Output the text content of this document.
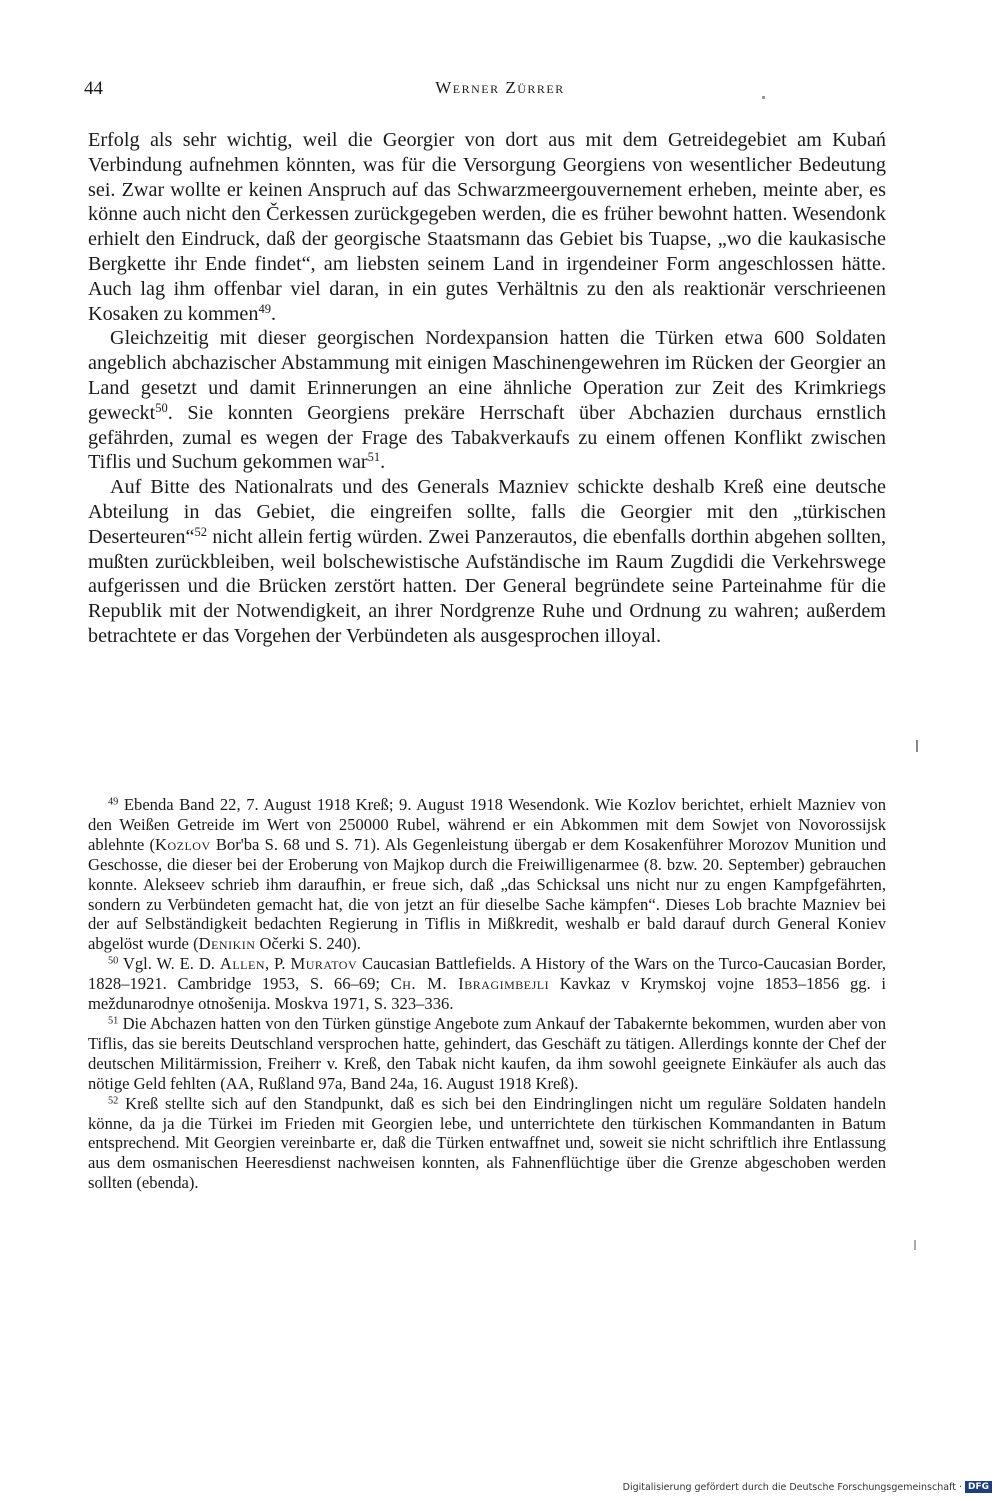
44	Werner Zürrer

Erfolg als sehr wichtig, weil die Georgier von dort aus mit dem Getreidegebiet am Kubań Verbindung aufnehmen könnten, was für die Versorgung Georgiens von wesentlicher Bedeutung sei. Zwar wollte er keinen Anspruch auf das Schwarzmeergouvernement erheben, meinte aber, es könne auch nicht den Čerkessen zurückgegeben werden, die es früher bewohnt hatten. Wesendonk erhielt den Eindruck, daß der georgische Staatsmann das Gebiet bis Tuapse, „wo die kaukasische Bergkette ihr Ende findet“, am liebsten seinem Land in irgendeiner Form angeschlossen hätte. Auch lag ihm offenbar viel daran, in ein gutes Verhältnis zu den als reaktionär verschrieenen Kosaken zu kommen$^{49}$.

Gleichzeitig mit dieser georgischen Nordexpansion hatten die Türken etwa 600 Soldaten angeblich abchazischer Abstammung mit einigen Maschinengewehren im Rücken der Georgier an Land gesetzt und damit Erinnerungen an eine ähnliche Operation zur Zeit des Krimkriegs geweckt$^{50}$. Sie konnten Georgiens prekäre Herrschaft über Abchazien durchaus ernstlich gefährden, zumal es wegen der Frage des Tabakverkaufs zu einem offenen Konflikt zwischen Tiflis und Suchum gekommen war$^{51}$.

Auf Bitte des Nationalrats und des Generals Mazniev schickte deshalb Kreß eine deutsche Abteilung in das Gebiet, die eingreifen sollte, falls die Georgier mit den „türkischen Deserteuren“$^{52}$ nicht allein fertig würden. Zwei Panzerautos, die ebenfalls dorthin abgehen sollten, mußten zurückbleiben, weil bolschewistische Aufständische im Raum Zugdidi die Verkehrswege aufgerissen und die Brücken zerstört hatten. Der General begründete seine Parteinahme für die Republik mit der Notwendigkeit, an ihrer Nordgrenze Ruhe und Ordnung zu wahren; außerdem betrachtete er das Vorgehen der Verbündeten als ausgesprochen illoyal.

$^{49}$ Ebenda Band 22, 7. August 1918 Kreß; 9. August 1918 Wesendonk. Wie Kozlov berichtet, erhielt Mazniev von den Weißen Getreide im Wert von 250000 Rubel, während er ein Abkommen mit dem Sowjet von Novorossijsk ablehnte (Kozlov Bor'ba S. 68 und S. 71). Als Gegenleistung übergab er dem Kosakenführer Morozov Munition und Geschosse, die dieser bei der Eroberung von Majkop durch die Freiwilligenarmee (8. bzw. 20. September) gebrauchen konnte. Alekseev schrieb ihm daraufhin, er freue sich, daß „das Schicksal uns nicht nur zu engen Kampfgefährten, sondern zu Verbündeten gemacht hat, die von jetzt an für dieselbe Sache kämpfen“. Dieses Lob brachte Mazniev bei der auf Selbständigkeit bedachten Regierung in Tiflis in Mißkredit, weshalb er bald darauf durch General Koniev abgelöst wurde (Denikin Očerki S. 240).

$^{50}$ Vgl. W. E. D. Allen, P. Muratov Caucasian Battlefields. A History of the Wars on the Turco-Caucasian Border, 1828–1921. Cambridge 1953, S. 66–69; Ch. M. Ibragimbejli Kavkaz v Krymskoj vojne 1853–1856 gg. i meždunarodnye otnošenija. Moskva 1971, S. 323–336.

$^{51}$ Die Abchazen hatten von den Türken günstige Angebote zum Ankauf der Tabakernte bekommen, wurden aber von Tiflis, das sie bereits Deutschland versprochen hatte, gehindert, das Geschäft zu tätigen. Allerdings konnte der Chef der deutschen Militärmission, Freiherr v. Kreß, den Tabak nicht kaufen, da ihm sowohl geeignete Einkäufer als auch das nötige Geld fehlten (AA, Rußland 97a, Band 24a, 16. August 1918 Kreß).

$^{52}$ Kreß stellte sich auf den Standpunkt, daß es sich bei den Eindringlingen nicht um reguläre Soldaten handeln könne, da ja die Türkei im Frieden mit Georgien lebe, und unterrichtete den türkischen Kommandanten in Batum entsprechend. Mit Georgien vereinbarte er, daß die Türken entwaffnet und, soweit sie nicht schriftlich ihre Entlassung aus dem osmanischen Heeresdienst nachweisen konnten, als Fahnenflüchtige über die Grenze abgeschoben werden sollten (ebenda).

Digitalisierung gefördert durch die Deutsche Forschungsgemeinschaft · DFG
